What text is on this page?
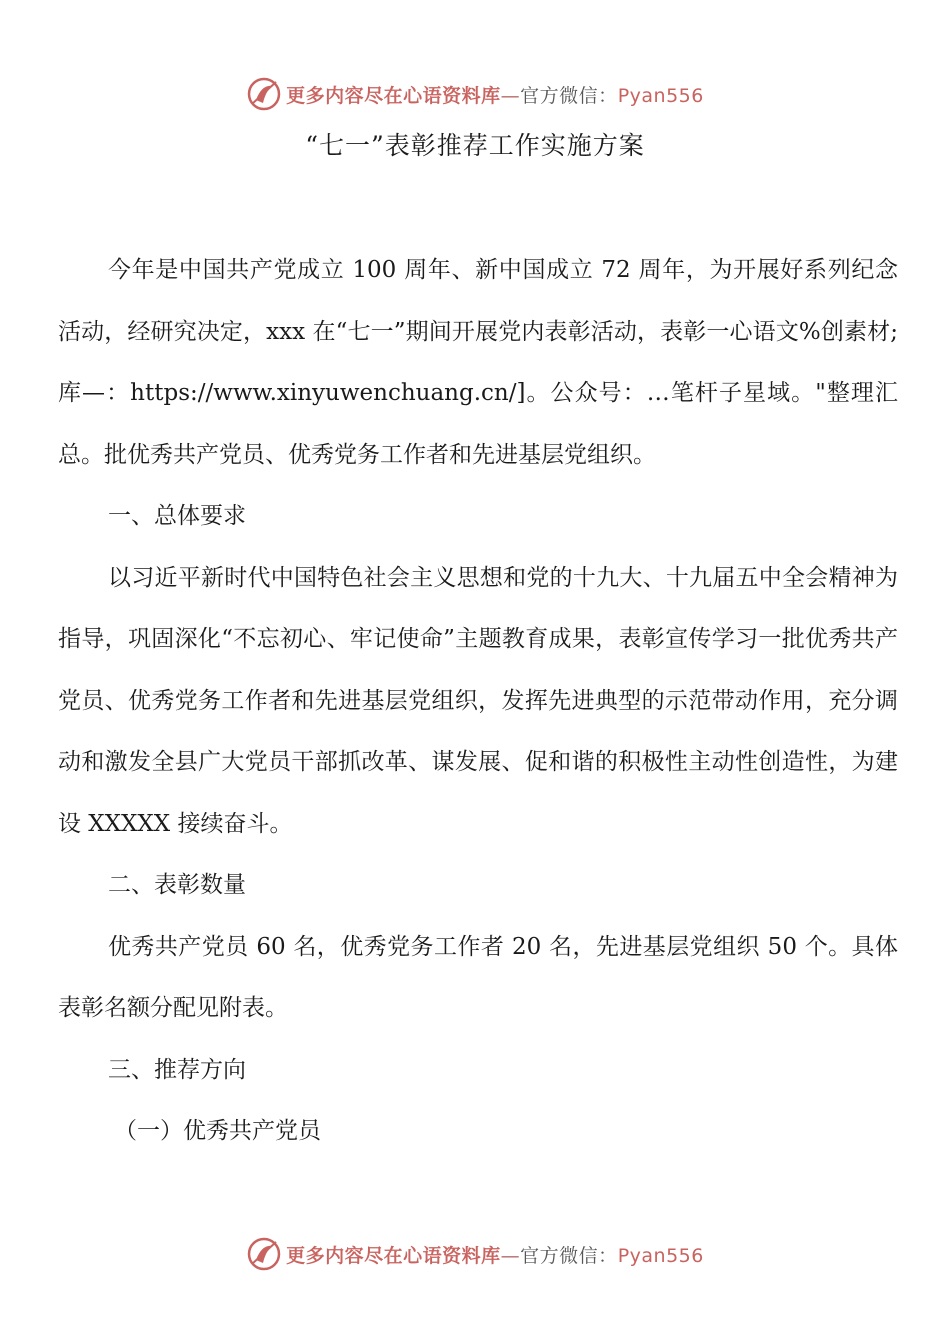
更多内容尽在心语资料库—官方微信：Pyan556
“七一”表彰推荐工作实施方案

今年是中国共产党成立 100 周年、新中国成立 72 周年，为开展好系列纪念活动，经研究决定，xxx 在“七一”期间开展党内表彰活动，表彰一心语文%创素材;库—：https://www.xinyuwenchuang.cn/]。公众号：…笔杆子星域。"整理汇总。批优秀共产党员、优秀党务工作者和先进基层党组织。

一、总体要求

以习近平新时代中国特色社会主义思想和党的十九大、十九届五中全会精神为指导，巩固深化“不忘初心、牢记使命”主题教育成果，表彰宣传学习一批优秀共产党员、优秀党务工作者和先进基层党组织，发挥先进典型的示范带动作用，充分调动和激发全县广大党员干部抓改革、谋发展、促和谐的积极性主动性创造性，为建设 XXXXX 接续奋斗。

二、表彰数量

优秀共产党员 60 名，优秀党务工作者 20 名，先进基层党组织 50 个。具体表彰名额分配见附表。

三、推荐方向

（一）优秀共产党员

更多内容尽在心语资料库—官方微信：Pyan556
